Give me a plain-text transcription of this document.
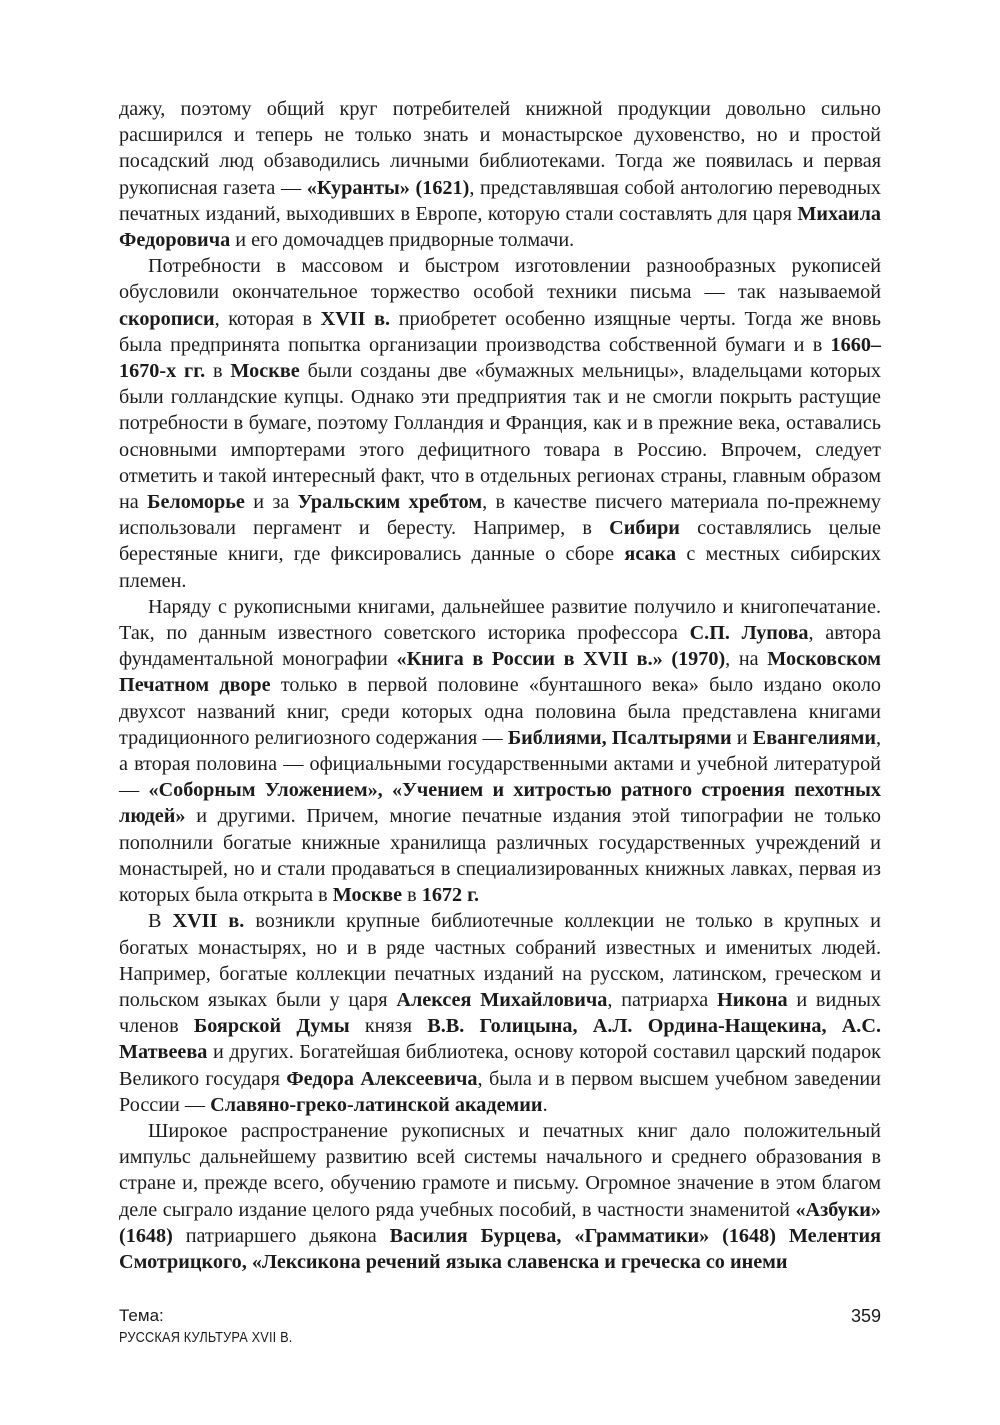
дажу, поэтому общий круг потребителей книжной продукции довольно сильно расширился и теперь не только знать и монастырское духовенство, но и простой посадский люд обзаводились личными библиотеками. Тогда же появилась и первая рукописная газета — «Куранты» (1621), представлявшая собой антологию переводных печатных изданий, выходивших в Европе, которую стали составлять для царя Михаила Федоровича и его домочадцев придворные толмачи.

Потребности в массовом и быстром изготовлении разнообразных рукописей обусловили окончательное торжество особой техники письма — так называемой скорописи, которая в XVII в. приобретет особенно изящные черты. Тогда же вновь была предпринята попытка организации производства собственной бумаги и в 1660–1670-х гг. в Москве были созданы две «бумажных мельницы», владельцами которых были голландские купцы. Однако эти предприятия так и не смогли покрыть растущие потребности в бумаге, поэтому Голландия и Франция, как и в прежние века, оставались основными импортерами этого дефицитного товара в Россию. Впрочем, следует отметить и такой интересный факт, что в отдельных регионах страны, главным образом на Беломорье и за Уральским хребтом, в качестве писчего материала по-прежнему использовали пергамент и бересту. Например, в Сибири составлялись целые берестяные книги, где фиксировались данные о сборе ясака с местных сибирских племен.

Наряду с рукописными книгами, дальнейшее развитие получило и книгопечатание. Так, по данным известного советского историка профессора С.П. Лупова, автора фундаментальной монографии «Книга в России в XVII в.» (1970), на Московском Печатном дворе только в первой половине «бунташного века» было издано около двухсот названий книг, среди которых одна половина была представлена книгами традиционного религиозного содержания — Библиями, Псалтырями и Евангелиями, а вторая половина — официальными государственными актами и учебной литературой — «Соборным Уложением», «Учением и хитростью ратного строения пехотных людей» и другими. Причем, многие печатные издания этой типографии не только пополнили богатые книжные хранилища различных государственных учреждений и монастырей, но и стали продаваться в специализированных книжных лавках, первая из которых была открыта в Москве в 1672 г.

В XVII в. возникли крупные библиотечные коллекции не только в крупных и богатых монастырях, но и в ряде частных собраний известных и именитых людей. Например, богатые коллекции печатных изданий на русском, латинском, греческом и польском языках были у царя Алексея Михайловича, патриарха Никона и видных членов Боярской Думы князя В.В. Голицына, А.Л. Ордина-Нащекина, А.С. Матвеева и других. Богатейшая библиотека, основу которой составил царский подарок Великого государя Федора Алексеевича, была и в первом высшем учебном заведении России — Славяно-греко-латинской академии.

Широкое распространение рукописных и печатных книг дало положительный импульс дальнейшему развитию всей системы начального и среднего образования в стране и, прежде всего, обучению грамоте и письму. Огромное значение в этом благом деле сыграло издание целого ряда учебных пособий, в частности знаменитой «Азбуки» (1648) патриаршего дьякона Василия Бурцева, «Грамматики» (1648) Мелентия Смотрицкого, «Лексикона речений языка славенска и греческа со инеми

Тема:
РУССКАЯ КУЛЬТУРА XVII В.
359
